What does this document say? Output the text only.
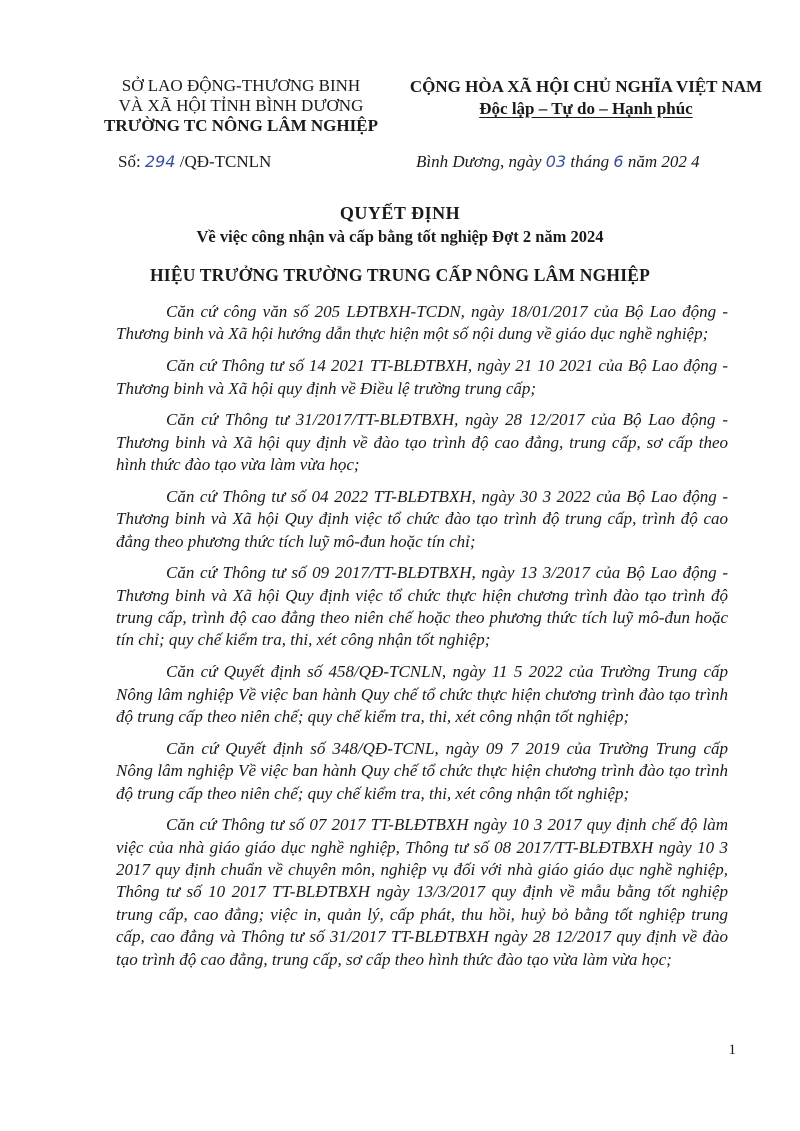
SỞ LAO ĐỘNG-THƯƠNG BINH
VÀ XÃ HỘI TỈNH BÌNH DƯƠNG
TRƯỜNG TC NÔNG LÂM NGHIỆP
CỘNG HÒA XÃ HỘI CHỦ NGHĨA VIỆT NAM
Độc lập – Tự do – Hạnh phúc
Số: 294 /QĐ-TCNLN	Bình Dương, ngày 03 tháng 6 năm 202 4
QUYẾT ĐỊNH
Về việc công nhận và cấp bằng tốt nghiệp Đợt 2 năm 2024
HIỆU TRƯỞNG TRƯỜNG TRUNG CẤP NÔNG LÂM NGHIỆP

Căn cứ công văn số 205 LĐTBXH-TCDN, ngày 18/01/2017 của Bộ Lao động - Thương binh và Xã hội hướng dẫn thực hiện một số nội dung về giáo dục nghề nghiệp;

Căn cứ Thông tư số 14 2021 TT-BLĐTBXH, ngày 21 10 2021 của Bộ Lao động - Thương binh và Xã hội quy định về Điều lệ trường trung cấp;

Căn cứ Thông tư 31/2017/TT-BLĐTBXH, ngày 28 12/2017 của Bộ Lao động - Thương binh và Xã hội quy định về đào tạo trình độ cao đẳng, trung cấp, sơ cấp theo hình thức đào tạo vừa làm vừa học;

Căn cứ Thông tư số 04 2022 TT-BLĐTBXH, ngày 30 3 2022 của Bộ Lao động - Thương binh và Xã hội Quy định việc tổ chức đào tạo trình độ trung cấp, trình độ cao đẳng theo phương thức tích luỹ mô-đun hoặc tín chỉ;

Căn cứ Thông tư số 09 2017/TT-BLĐTBXH, ngày 13 3/2017 của Bộ Lao động - Thương binh và Xã hội Quy định việc tổ chức thực hiện chương trình đào tạo trình độ trung cấp, trình độ cao đẳng theo niên chế hoặc theo phương thức tích luỹ mô-đun hoặc tín chỉ; quy chế kiểm tra, thi, xét công nhận tốt nghiệp;

Căn cứ Quyết định số 458/QĐ-TCNLN, ngày 11 5 2022 của Trường Trung cấp Nông lâm nghiệp Về việc ban hành Quy chế tổ chức thực hiện chương trình đào tạo trình độ trung cấp theo niên chế; quy chế kiểm tra, thi, xét công nhận tốt nghiệp;

Căn cứ Quyết định số 348/QĐ-TCNL, ngày 09 7 2019 của Trường Trung cấp Nông lâm nghiệp Về việc ban hành Quy chế tổ chức thực hiện chương trình đào tạo trình độ trung cấp theo niên chế; quy chế kiểm tra, thi, xét công nhận tốt nghiệp;

Căn cứ Thông tư số 07 2017 TT-BLĐTBXH ngày 10 3 2017 quy định chế độ làm việc của nhà giáo giáo dục nghề nghiệp, Thông tư số 08 2017/TT-BLĐTBXH ngày 10 3 2017 quy định chuẩn về chuyên môn, nghiệp vụ đối với nhà giáo giáo dục nghề nghiệp, Thông tư số 10 2017 TT-BLĐTBXH ngày 13/3/2017 quy định về mẫu bằng tốt nghiệp trung cấp, cao đẳng; việc in, quản lý, cấp phát, thu hồi, huỷ bỏ bằng tốt nghiệp trung cấp, cao đẳng và Thông tư số 31/2017 TT-BLĐTBXH ngày 28 12/2017 quy định về đào tạo trình độ cao đẳng, trung cấp, sơ cấp theo hình thức đào tạo vừa làm vừa học;

1
